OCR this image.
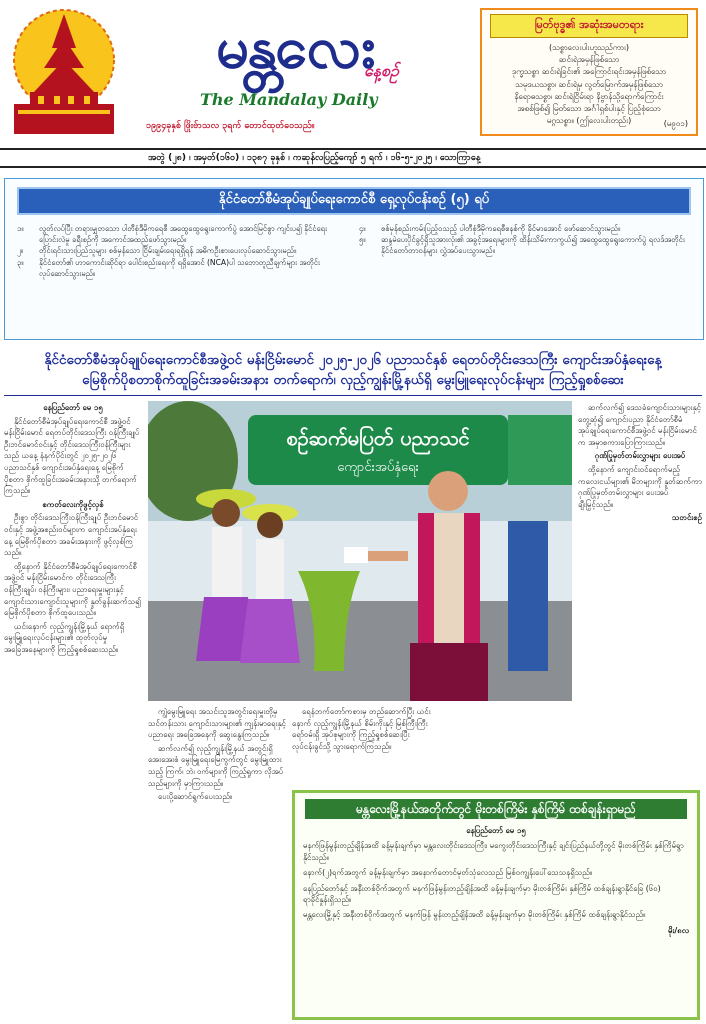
မန္တလေး
နေ့စဉ်
The Mandalay Daily
၁၉၉၄ခုနှစ် ဖြိုးဗ်ာသလ ၃ရက် တောင်ထုတ်ဝေသည်။
မြတ်ဗုဒ္ဓ၏ အဆုံးအမတရား
(သစ္စာလေးပါးဟူသည်ကား)
ဆင်းရဲအမှန်ဖြစ်သော
ဒုက္ခသစ္စာ ဆင်းရဲခြင်း၏ အကြောင်းရင်းအမှန်ဖြစ်သော
သမုဒယသစ္စာ၊ ဆင်းရဲမှ လွတ်မြောက်အမှန်ဖြစ်သော
နိရောဓသစ္စာ၊ ဆင်းရဲငြိမ်းရာ နိဗ္ဗာန်သို့ရောက်ကြောင်း
အစစ်ဖြစ်၍ မြတ်သော အင်္ဂါရှစ်ပါးနှင့် ပြည့်စုံသော
မဂ္ဂသစ္စာ။ (ဤလေးပါးတည်း)	(မ၉၀၁)
အတွဲ (၂၈) ၊ အမှတ်(၁၆၀) ၊ ၁၃၈၇ ခုနှစ် ၊ ကဆုန်လပြည့်ကျော် ၅ ရက် ၊ ၁၆-၅-၂၀၂၅ ၊ သောကြာနေ့
နိုင်ငံတော်စီမံအုပ်ချုပ်ရေးကောင်စီ ရှေ့လုပ်ငန်းစဉ် (၅) ရပ်
၁။	လွတ်လပ်ပြီး တရားမျှတသော ပါတီစုံဒီမိုကရေစီ အထွေထွေရွေးကောက်ပွဲ အောင်မြင်စွာ ကျင်းပ၍ နိုင်ငံရေးပြောင်းလဲမှု ခရီးစဉ်ကို အကောင်အထည်ဖော်သွားမည်။
၂။	တိုင်းရင်းသားပြည်သူများ စစ်မှန်သော ငြိမ်းချမ်းရေးရရှိရန် အဓိကဦးစားပေးလုပ်ဆောင်သွားမည်။
၃။	နိုင်ငံတော်၏ ဟာကောင်းဆိုင်ရာ ပေါင်းစည်းရေးကို ရရှိအောင် (NCA)ပါ သဘောတူညီချက်များ အတိုင်း လုပ်ဆောင်သွားမည်။
၄။	စစ်မှန်စည်းကမ်းပြည့်ဝသည့် ပါတီစုံဒီမိုကရေစီစနစ်ကို ခိုင်မာအောင် ဖော်ဆောင်သွားမည်။
၅။	ဆန္ဒမဲပေးပိုင်ခွင့်ရှိသူအားလုံး၏ အခွင့်အရေးများကို ထိန်းသိမ်းကာကွယ်၍ အထွေထွေရွေးကောက်ပွဲ ရလဒ်အတိုင်း နိုင်ငံတော်တာဝန်များ လွှဲအပ်ပေးသွားမည်။
နိုင်ငံတော်စီမံအုပ်ချုပ်ရေးကောင်စီအဖွဲ့ဝင် မန်းငြိမ်းမောင် ၂၀၂၅-၂၀၂၆ ပညာသင်နှစ် ရေတပ်တိုင်းဒေသကြီး ကျောင်းအပ်နှံရေးနေ့
မြေစိုက်ပိုစတာစိုက်ထူခြင်းအခမ်းအနား တက်ရောက်၊ လှည့်ကျွန်းမြို့နယ်ရှိ မွေးမြူရေးလုပ်ငန်းများ ကြည့်ရှုစစ်ဆေး

နေပြည်တော် မေ ၁၅

နိုင်ငံတော်စီမံအုပ်ချုပ်ရေးကောင်စီ အဖွဲ့ဝင် မန်းငြိမ်းမောင် ရေတပ်တိုင်းဒေသကြီး ဝန်ကြီးချုပ် ဦးဘင်မောင်ဝင်းနှင့် တိုင်းဒေသကြီးဝန်ကြီးများ သည် ယနေ့ နံနက်ပိုင်းတွင် ၂၀၂၅-၂၀၂၆ ပညာသင်နှစ် ကျောင်းအပ်နှံရေးနေ့ မြေစိုက်ပိုစတာ စိုက်ထူခြင်းအခမ်းအနားသို့ တက်ရောက်ကြသည်။

စကတ်လေးကိုဖွင့်လှစ်

ဦးစွာ တိုင်းဒေသကြီးဝန်ကြီးချုပ် ဦးဘင်မောင်ဝင်းနှင့် အဖွဲ့အစည်းဝင်များက ကျောင်းအပ်နှံရေးနေ့ မြေစိုက်ပိုစတာ အခမ်းအနားကို ဖွင့်လှစ်ကြသည်။

ထို့နောက် နိုင်ငံတော်စီမံအုပ်ချုပ်ရေးကောင်စီအဖွဲ့ဝင် မန်းငြိမ်းမောင်က တိုင်းဒေသကြီးဝန်ကြီးချုပ်၊ ဝန်ကြီးများ၊ ပညာရေးမှူးများနှင့် ကျောင်းသားကျောင်းသူများကို နှုတ်ခွန်းဆက်သ၍ မြေစိုက်ပိုစတာ စိုက်ထူပေးသည်။

ယင်းနောက် လှည့်ကျွန်းမြို့နယ် ရောက်ရှိ မွေးမြူရေးလုပ်ငန်းများ၏ ထုတ်လုပ်မှု အခြေအနေများကို ကြည့်ရှုစစ်ဆေးသည်။

စဉ်ဆက်မပြတ် ပညာသင်
ကျောင်းအပ်နှံရေး

ကျွဲမွေးမြူရေး အသင်းသူအတွင်းရေးမှူးတို့မှ သင်တန်းသား ကျောင်းသားများ၏ ကျန်းမာရေးနှင့် ပညာရေး အခြေအနေကို ဆွေးနွေးကြသည်။

ဆက်လက်၍ လှည့်ကျွန်းမြို့နယ် အတွင်းရှိ အေးအေးစံ မွေးမြူရေးမြေကွက်တွင် မွေးမြူထားသည့် ကြက်၊ ဘဲ၊ ဝက်များကို ကြည့်ရှုကာ လိုအပ်သည်များကို မှာကြားသည်။

ပေးပို့ဆောင်ရွက်ပေးသည်။

ရေနံဘက်တော်ကစားမှ တည်ဆောက်ပြီး ယင်းနောက် လှည့်ကျွန်းမြို့နယ် စိမ်းကိုးနှင့် မြစ်ကြီးကြီးရော်ဝမ်းရှိ အုပ်စုများကို ကြည့်ရှုစစ်ဆေးပြီး လုပ်ငန်းခွင်သို့ သွားရောက်ကြသည်။

ဆက်လက်၍ ဒေသခံကျောင်းသားများနှင့် တွေ့ဆုံ၍ ကျောင်းပညာ နိုင်ငံတော်စီမံအုပ်ချုပ်ရေးကောင်စီအဖွဲ့ဝင် မန်းငြိမ်းမောင်က အမှာစကားပြောကြားသည်။

ဂုဏ်ပြုမှတ်တမ်းလွှာများ ပေးအပ်

ထို့နောက် ကျောင်းဝင်ရောက်မည့် ကလေးငယ်များ၏ မိဘများကို နှုတ်ဆက်ကာ ဂုဏ်ပြုမှတ်တမ်းလွှာများ ပေးအပ်ချီးမြှင့်သည်။

သတင်းစဉ်

မန္တလေးမြို့နယ်အတိုက်တွင် မိုးတစ်ကြိမ်း နှစ်ကြိမ် ထစ်ချန်းရှာမည်

နေပြည်တော် မေ ၁၅

မနက်ဖြန်မွန်းတည့်ချိန်အထိ ခန့်မှန်းချက်မှာ မန္တလေးတိုင်းဒေသကြီး၊ မကွေးတိုင်းဒေသကြီးနှင့် ချင်းပြည်နယ်တို့တွင် မိုးတစ်ကြိမ်း နှစ်ကြိမ်ရွာနိုင်သည်။

နောက်(၂)ရက်အတွက် ခန့်မှန်းချက်မှာ အနောက်တောင်မုတ်သုံလေသည် မြစ်ဝကျွန်းပေါ်သေသနရှိသည်။

နေပြည်တော်နှင့် အနီးတစ်ဝိုက်အတွက် မနက်ဖြန်မွန်းတည့်ချိန်အထိ ခန့်မှန်းချက်မှာ မိုးတစ်ကြိမ်း နှစ်ကြိမ် ထစ်ချန်းရွာနိုင်ခြေ (၆၀) ရာခိုင်နှုန်းရှိသည်။

မန္တလေးမြို့နှင့် အနီးတစ်ဝိုက်အတွက် မနက်ဖြန် မွန်းတည့်ချိန်အထိ ခန့်မှန်းချက်မှာ မိုးတစ်ကြိမ်း နှစ်ကြိမ် ထစ်ချန်းရွာနိုင်သည်။

မိုး/၈လ
